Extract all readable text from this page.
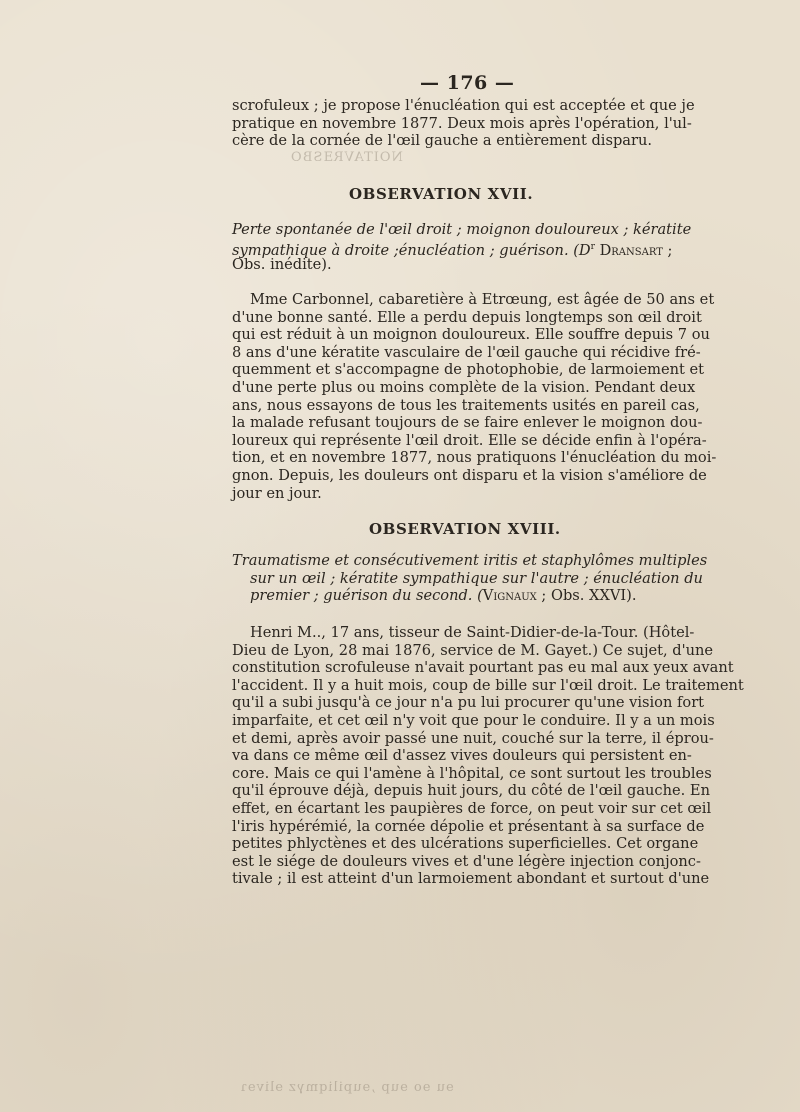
NOITAVRƎSBO
ɘu ɘo ɘup ,ɘupiliqmγz ɘlivɘɿ
— 176 —
scrofuleux ; je propose l'énucléation qui est acceptée et que je
pratique en novembre 1877. Deux mois après l'opération, l'ul-
cère de la cornée de l'œil gauche a entièrement disparu.
OBSERVATION XVII.
Perte spontanée de l'œil droit ; moignon douloureux ; kératite
sympathique à droite ;énucléation ; guérison. ($D^r$ Dransart ;
Obs. inédite).
Mme Carbonnel, cabaretière à Etrœung, est âgée de 50 ans et
d'une bonne santé. Elle a perdu depuis longtemps son œil droit
qui est réduit à un moignon douloureux. Elle souffre depuis 7 ou
8 ans d'une kératite vasculaire de l'œil gauche qui récidive fré-
quemment et s'accompagne de photophobie, de larmoiement et
d'une perte plus ou moins complète de la vision. Pendant deux
ans, nous essayons de tous les traitements usités en pareil cas,
la malade refusant toujours de se faire enlever le moignon dou-
loureux qui représente l'œil droit. Elle se décide enfin à l'opéra-
tion, et en novembre 1877, nous pratiquons l'énucléation du moi-
gnon. Depuis, les douleurs ont disparu et la vision s'améliore de
jour en jour.
OBSERVATION XVIII.
Traumatisme et consécutivement iritis et staphylômes multiples
sur un œil ; kératite sympathique sur l'autre ; énucléation du
premier ; guérison du second. (Vignaux ; Obs. XXVI).
Henri M.., 17 ans, tisseur de Saint-Didier-de-la-Tour. (Hôtel-
Dieu de Lyon, 28 mai 1876, service de M. Gayet.) Ce sujet, d'une
constitution scrofuleuse n'avait pourtant pas eu mal aux yeux avant
l'accident. Il y a huit mois, coup de bille sur l'œil droit. Le traitement
qu'il a subi jusqu'à ce jour n'a pu lui procurer qu'une vision fort
imparfaite, et cet œil n'y voit que pour le conduire. Il y a un mois
et demi, après avoir passé une nuit, couché sur la terre, il éprou-
va dans ce même œil d'assez vives douleurs qui persistent en-
core. Mais ce qui l'amène à l'hôpital, ce sont surtout les troubles
qu'il éprouve déjà, depuis huit jours, du côté de l'œil gauche. En
effet, en écartant les paupières de force, on peut voir sur cet œil
l'iris hypérémié, la cornée dépolie et présentant à sa surface de
petites phlyctènes et des ulcérations superficielles. Cet organe
est le siége de douleurs vives et d'une légère injection conjonc-
tivale ; il est atteint d'un larmoiement abondant et surtout d'une
